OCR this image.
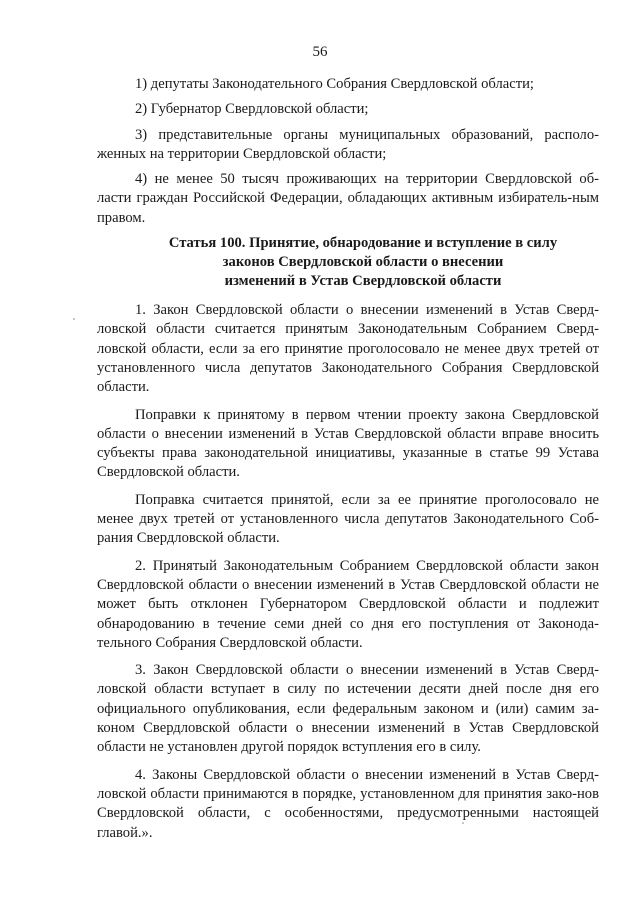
56

1) депутаты Законодательного Собрания Свердловской области;

2) Губернатор Свердловской области;

3) представительные органы муниципальных образований, располо-женных на территории Свердловской области;

4) не менее 50 тысяч проживающих на территории Свердловской об-ласти граждан Российской Федерации, обладающих активным избиратель-ным правом.

Статья 100. Принятие, обнародование и вступление в силу
законов Свердловской области о внесении
изменений в Устав Свердловской области

1. Закон Свердловской области о внесении изменений в Устав Сверд-ловской области считается принятым Законодательным Собранием Сверд-ловской области, если за его принятие проголосовало не менее двух третей от установленного числа депутатов Законодательного Собрания Свердловской области.

Поправки к принятому в первом чтении проекту закона Свердловской области о внесении изменений в Устав Свердловской области вправе вносить субъекты права законодательной инициативы, указанные в статье 99 Устава Свердловской области.

Поправка считается принятой, если за ее принятие проголосовало не менее двух третей от установленного числа депутатов Законодательного Соб-рания Свердловской области.

2. Принятый Законодательным Собранием Свердловской области закон Свердловской области о внесении изменений в Устав Свердловской области не может быть отклонен Губернатором Свердловской области и подлежит обнародованию в течение семи дней со дня его поступления от Законода-тельного Собрания Свердловской области.

3. Закон Свердловской области о внесении изменений в Устав Сверд-ловской области вступает в силу по истечении десяти дней после дня его официального опубликования, если федеральным законом и (или) самим за-коном Свердловской области о внесении изменений в Устав Свердловской области не установлен другой порядок вступления его в силу.

4. Законы Свердловской области о внесении изменений в Устав Сверд-ловской области принимаются в порядке, установленном для принятия зако-нов Свердловской области, с особенностями, предусмотренными настоящей главой.».
